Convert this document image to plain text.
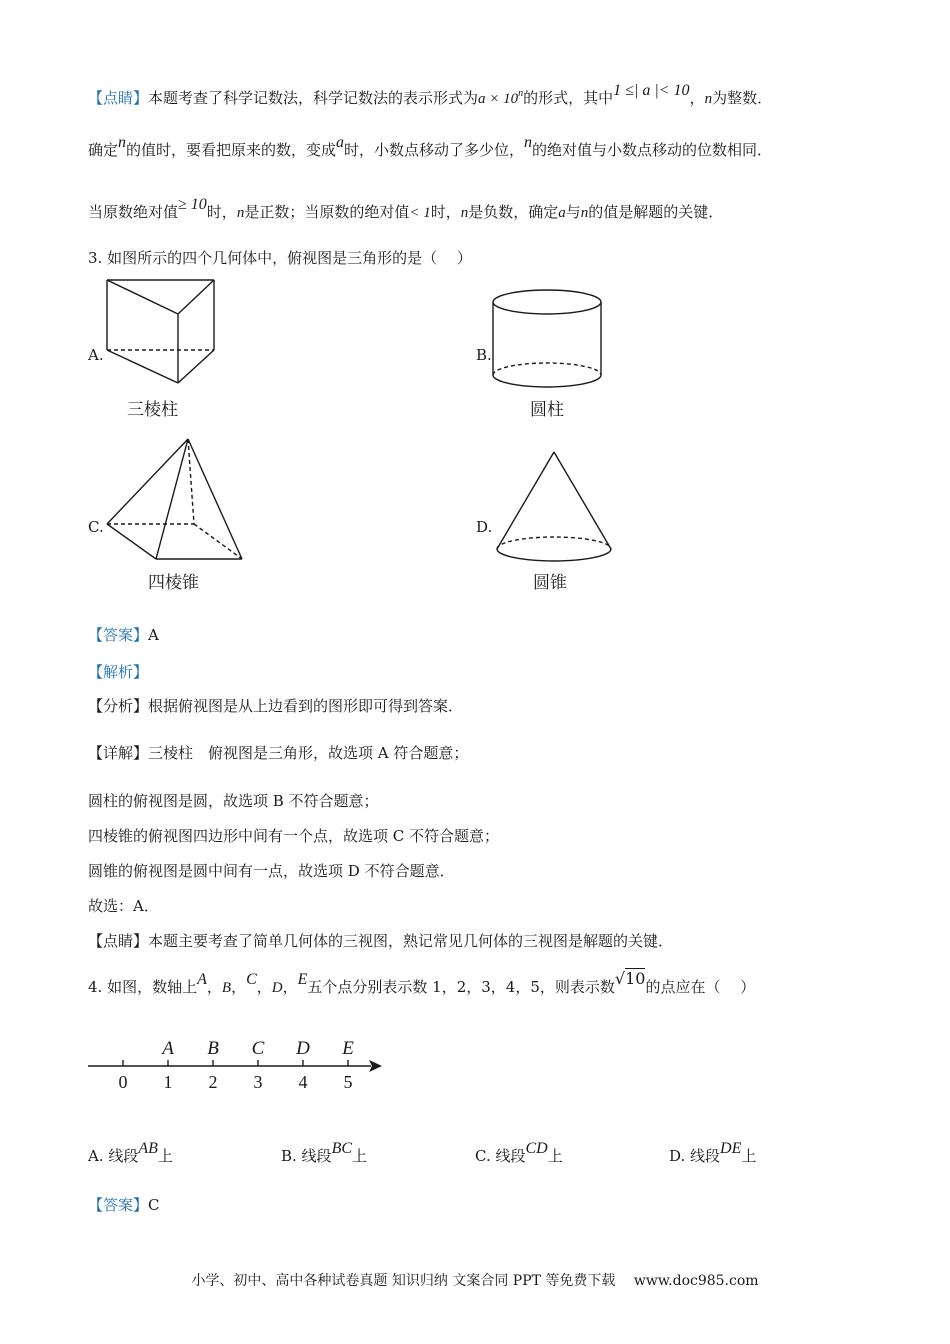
【点睛】本题考查了科学记数法，科学记数法的表示形式为$a \times 10^n$的形式，其中1 ≤| a |< 10，n为整数．
确定n的值时，要看把原来的数，变成a时，小数点移动了多少位，n的绝对值与小数点移动的位数相同．
当原数绝对值≥ 10时，n是正数；当原数的绝对值< 1时，n是负数，确定a与n的值是解题的关键．
3. 如图所示的四个几何体中，俯视图是三角形的是（　 ）
A.
三棱柱
B.
圆柱
C.
四棱锥
D.
圆锥
【答案】A
【解析】
【分析】根据俯视图是从上边看到的图形即可得到答案．
【详解】三棱柱　俯视图是三角形，故选项 A 符合题意；
圆柱的俯视图是圆，故选项 B 不符合题意；
四棱锥的俯视图四边形中间有一个点，故选项 C 不符合题意；
圆锥的俯视图是圆中间有一点，故选项 D 不符合题意．
故选：A．
【点睛】本题主要考查了简单几何体的三视图，熟记常见几何体的三视图是解题的关键．
4. 如图，数轴上A，B，C，D，E五个点分别表示数 1，2，3，4，5，则表示数√10的点应在（　 ）
0 1 2 3 4 5
A B C D E
A. 线段AB上	B. 线段BC上	C. 线段CD上	D. 线段DE上
【答案】C
小学、初中、高中各种试卷真题 知识归纳 文案合同 PPT 等免费下载　 www.doc985.com
